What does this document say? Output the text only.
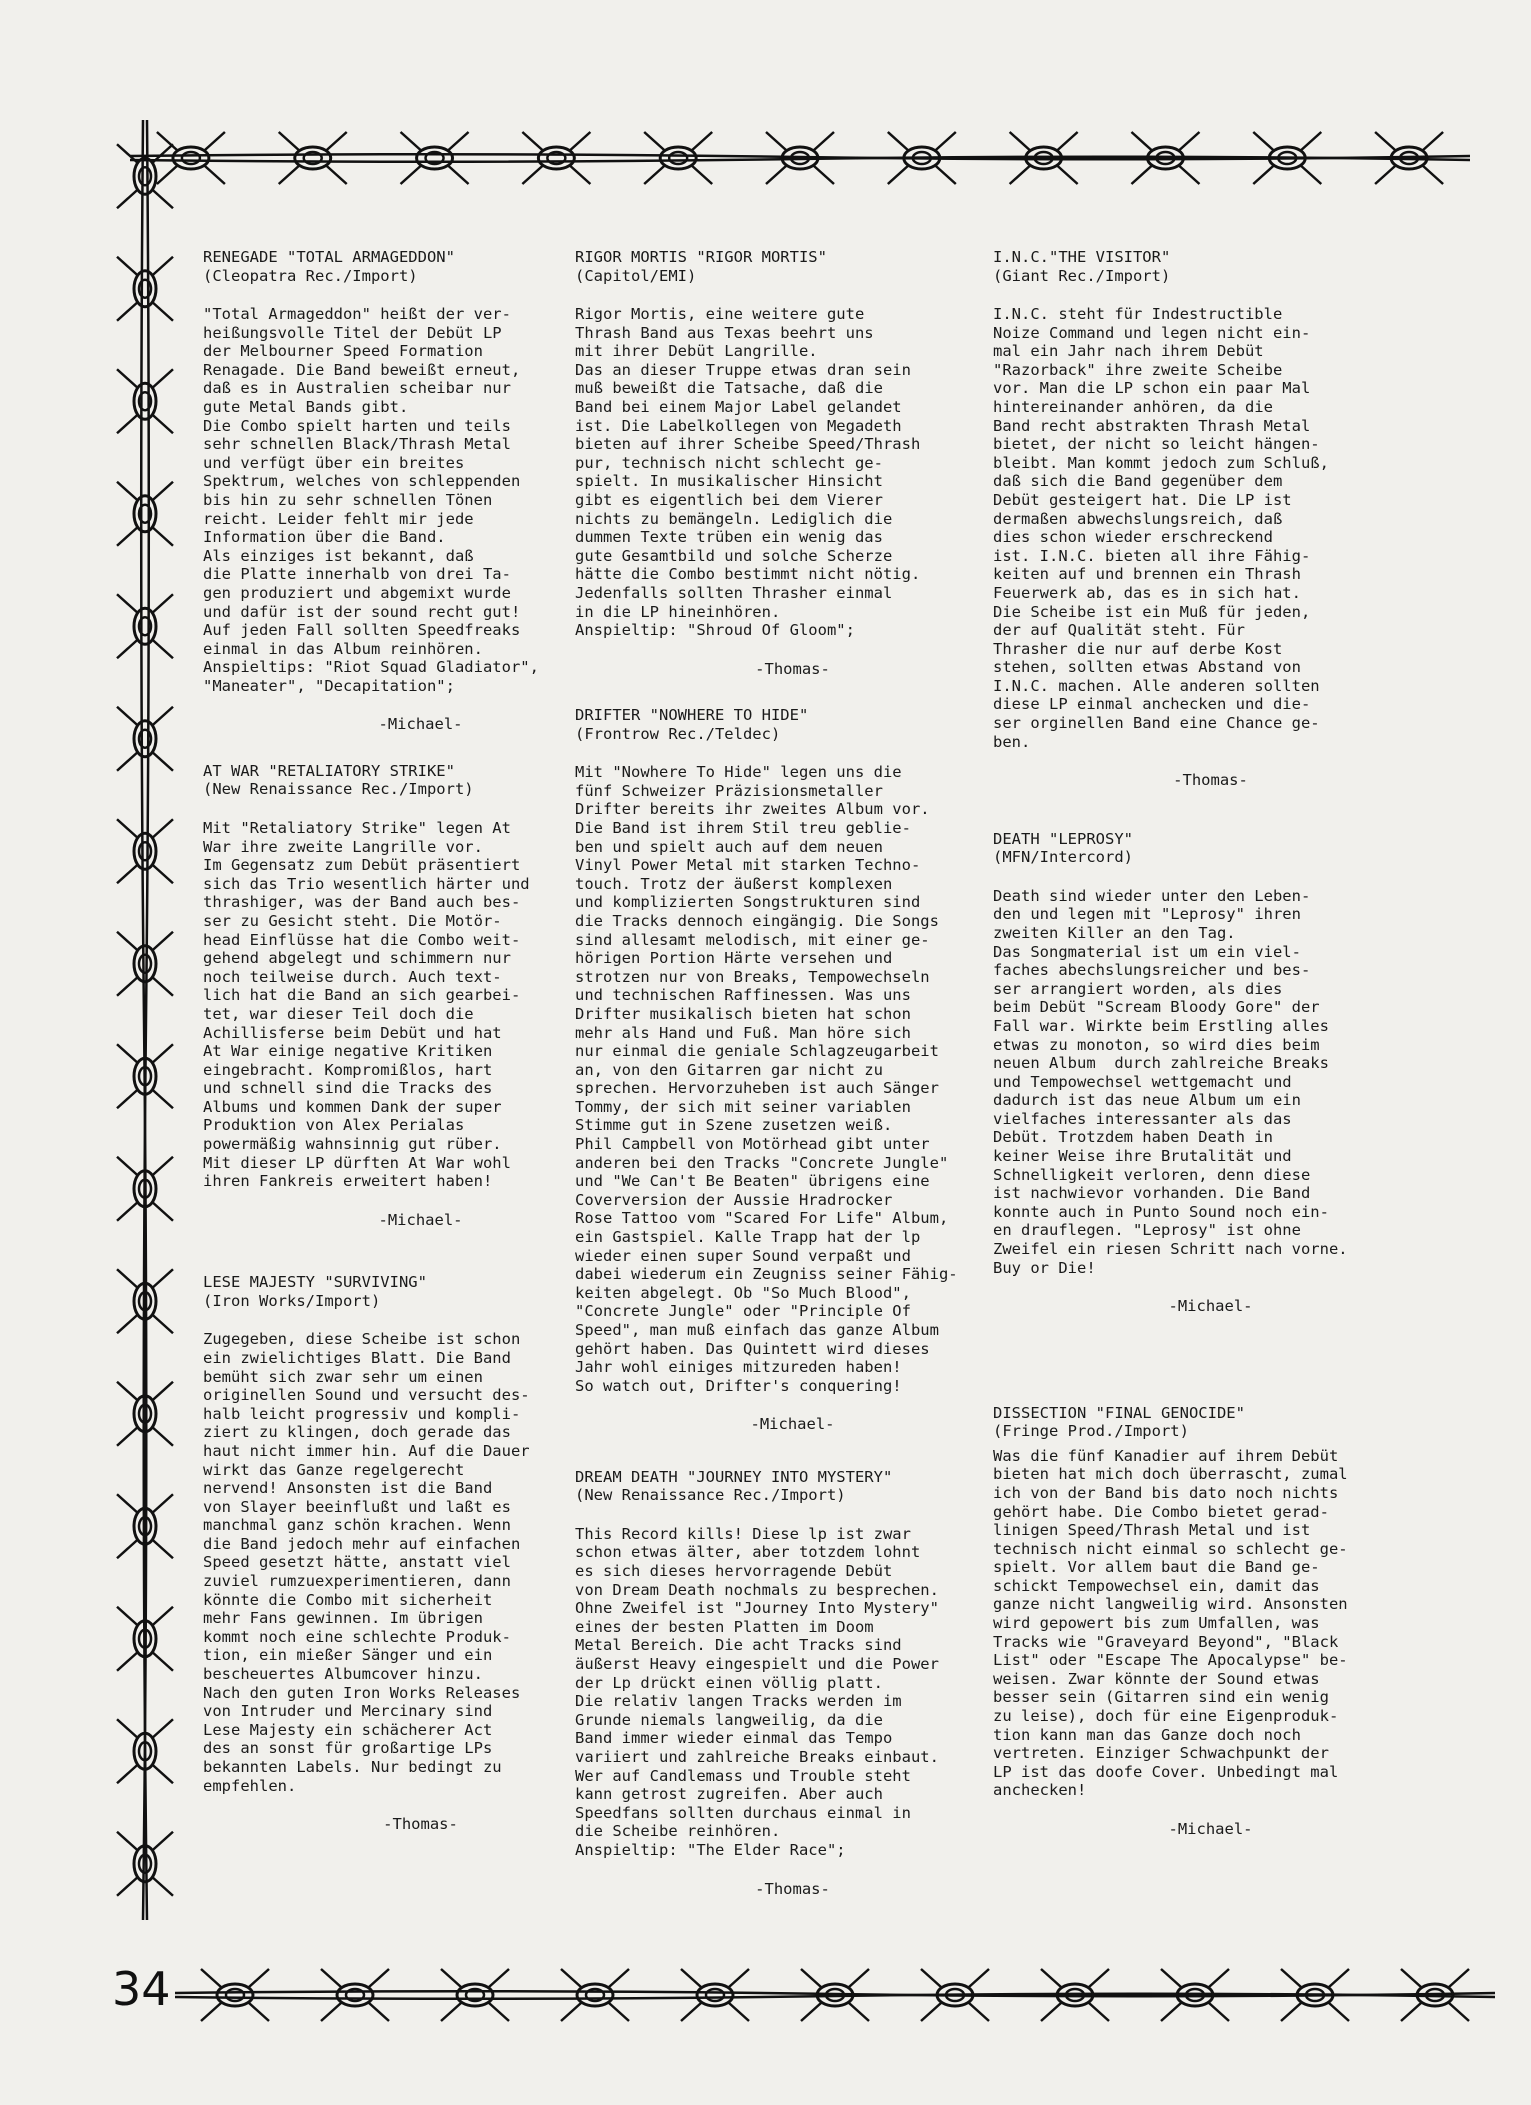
34

RENEGADE "TOTAL ARMAGEDDON"

(Cleopatra Rec./Import)

"Total Armageddon" heißt der ver-
heißungsvolle Titel der Debüt LP
der Melbourner Speed Formation
Renagade. Die Band beweißt erneut,
daß es in Australien scheibar nur
gute Metal Bands gibt.
Die Combo spielt harten und teils
sehr schnellen Black/Thrash Metal
und verfügt über ein breites
Spektrum, welches von schleppenden
bis hin zu sehr schnellen Tönen
reicht. Leider fehlt mir jede
Information über die Band.
Als einziges ist bekannt, daß
die Platte innerhalb von drei Ta-
gen produziert und abgemixt wurde
und dafür ist der sound recht gut!
Auf jeden Fall sollten Speedfreaks
einmal in das Album reinhören.
Anspieltips: "Riot Squad Gladiator",
"Maneater", "Decapitation";

-Michael-

AT WAR "RETALIATORY STRIKE"

(New Renaissance Rec./Import)

Mit "Retaliatory Strike" legen At
War ihre zweite Langrille vor.
Im Gegensatz zum Debüt präsentiert
sich das Trio wesentlich härter und
thrashiger, was der Band auch bes-
ser zu Gesicht steht. Die Motör-
head Einflüsse hat die Combo weit-
gehend abgelegt und schimmern nur
noch teilweise durch. Auch text-
lich hat die Band an sich gearbei-
tet, war dieser Teil doch die
Achillisferse beim Debüt und hat
At War einige negative Kritiken
eingebracht. Kompromißlos, hart
und schnell sind die Tracks des
Albums und kommen Dank der super
Produktion von Alex Perialas
powermäßig wahnsinnig gut rüber.
Mit dieser LP dürften At War wohl
ihren Fankreis erweitert haben!

-Michael-

LESE MAJESTY "SURVIVING"

(Iron Works/Import)

Zugegeben, diese Scheibe ist schon
ein zwielichtiges Blatt. Die Band
bemüht sich zwar sehr um einen
originellen Sound und versucht des-
halb leicht progressiv und kompli-
ziert zu klingen, doch gerade das
haut nicht immer hin. Auf die Dauer
wirkt das Ganze regelgerecht
nervend! Ansonsten ist die Band
von Slayer beeinflußt und laßt es
manchmal ganz schön krachen. Wenn
die Band jedoch mehr auf einfachen
Speed gesetzt hätte, anstatt viel
zuviel rumzuexperimentieren, dann
könnte die Combo mit sicherheit
mehr Fans gewinnen. Im übrigen
kommt noch eine schlechte Produk-
tion, ein mießer Sänger und ein
bescheuertes Albumcover hinzu.
Nach den guten Iron Works Releases
von Intruder und Mercinary sind
Lese Majesty ein schächerer Act
des an sonst für großartige LPs
bekannten Labels. Nur bedingt zu
empfehlen.

-Thomas-

RIGOR MORTIS "RIGOR MORTIS"

(Capitol/EMI)

Rigor Mortis, eine weitere gute
Thrash Band aus Texas beehrt uns
mit ihrer Debüt Langrille.
Das an dieser Truppe etwas dran sein
muß beweißt die Tatsache, daß die
Band bei einem Major Label gelandet
ist. Die Labelkollegen von Megadeth
bieten auf ihrer Scheibe Speed/Thrash
pur, technisch nicht schlecht ge-
spielt. In musikalischer Hinsicht
gibt es eigentlich bei dem Vierer
nichts zu bemängeln. Lediglich die
dummen Texte trüben ein wenig das
gute Gesamtbild und solche Scherze
hätte die Combo bestimmt nicht nötig.
Jedenfalls sollten Thrasher einmal
in die LP hineinhören.
Anspieltip: "Shroud Of Gloom";

-Thomas-

DRIFTER "NOWHERE TO HIDE"

(Frontrow Rec./Teldec)

Mit "Nowhere To Hide" legen uns die
fünf Schweizer Präzisionsmetaller
Drifter bereits ihr zweites Album vor.
Die Band ist ihrem Stil treu geblie-
ben und spielt auch auf dem neuen
Vinyl Power Metal mit starken Techno-
touch. Trotz der äußerst komplexen
und komplizierten Songstrukturen sind
die Tracks dennoch eingängig. Die Songs
sind allesamt melodisch, mit einer ge-
hörigen Portion Härte versehen und
strotzen nur von Breaks, Tempowechseln
und technischen Raffinessen. Was uns
Drifter musikalisch bieten hat schon
mehr als Hand und Fuß. Man höre sich
nur einmal die geniale Schlagzeugarbeit
an, von den Gitarren gar nicht zu
sprechen. Hervorzuheben ist auch Sänger
Tommy, der sich mit seiner variablen
Stimme gut in Szene zusetzen weiß.
Phil Campbell von Motörhead gibt unter
anderen bei den Tracks "Concrete Jungle"
und "We Can't Be Beaten" übrigens eine
Coverversion der Aussie Hradrocker
Rose Tattoo vom "Scared For Life" Album,
ein Gastspiel. Kalle Trapp hat der lp
wieder einen super Sound verpaßt und
dabei wiederum ein Zeugniss seiner Fähig-
keiten abgelegt. Ob "So Much Blood",
"Concrete Jungle" oder "Principle Of
Speed", man muß einfach das ganze Album
gehört haben. Das Quintett wird dieses
Jahr wohl einiges mitzureden haben!
So watch out, Drifter's conquering!

-Michael-

DREAM DEATH "JOURNEY INTO MYSTERY"

(New Renaissance Rec./Import)

This Record kills! Diese lp ist zwar
schon etwas älter, aber totzdem lohnt
es sich dieses hervorragende Debüt
von Dream Death nochmals zu besprechen.
Ohne Zweifel ist "Journey Into Mystery"
eines der besten Platten im Doom
Metal Bereich. Die acht Tracks sind
äußerst Heavy eingespielt und die Power
der Lp drückt einen völlig platt.
Die relativ langen Tracks werden im
Grunde niemals langweilig, da die
Band immer wieder einmal das Tempo
variiert und zahlreiche Breaks einbaut.
Wer auf Candlemass und Trouble steht
kann getrost zugreifen. Aber auch
Speedfans sollten durchaus einmal in
die Scheibe reinhören.
Anspieltip: "The Elder Race";

-Thomas-

I.N.C."THE VISITOR"

(Giant Rec./Import)

I.N.C. steht für Indestructible
Noize Command und legen nicht ein-
mal ein Jahr nach ihrem Debüt
"Razorback" ihre zweite Scheibe
vor. Man die LP schon ein paar Mal
hintereinander anhören, da die
Band recht abstrakten Thrash Metal
bietet, der nicht so leicht hängen-
bleibt. Man kommt jedoch zum Schluß,
daß sich die Band gegenüber dem
Debüt gesteigert hat. Die LP ist
dermaßen abwechslungsreich, daß
dies schon wieder erschreckend
ist. I.N.C. bieten all ihre Fähig-
keiten auf und brennen ein Thrash
Feuerwerk ab, das es in sich hat.
Die Scheibe ist ein Muß für jeden,
der auf Qualität steht. Für
Thrasher die nur auf derbe Kost
stehen, sollten etwas Abstand von
I.N.C. machen. Alle anderen sollten
diese LP einmal anchecken und die-
ser orginellen Band eine Chance ge-
ben.

-Thomas-

DEATH "LEPROSY"

(MFN/Intercord)

Death sind wieder unter den Leben-
den und legen mit "Leprosy" ihren
zweiten Killer an den Tag.
Das Songmaterial ist um ein viel-
faches abechslungsreicher und bes-
ser arrangiert worden, als dies
beim Debüt "Scream Bloody Gore" der
Fall war. Wirkte beim Erstling alles
etwas zu monoton, so wird dies beim
neuen Album  durch zahlreiche Breaks
und Tempowechsel wettgemacht und
dadurch ist das neue Album um ein
vielfaches interessanter als das
Debüt. Trotzdem haben Death in
keiner Weise ihre Brutalität und
Schnelligkeit verloren, denn diese
ist nachwievor vorhanden. Die Band
konnte auch in Punto Sound noch ein-
en drauflegen. "Leprosy" ist ohne
Zweifel ein riesen Schritt nach vorne.
Buy or Die!

-Michael-

DISSECTION "FINAL GENOCIDE"

(Fringe Prod./Import)

Was die fünf Kanadier auf ihrem Debüt
bieten hat mich doch überrascht, zumal
ich von der Band bis dato noch nichts
gehört habe. Die Combo bietet gerad-
linigen Speed/Thrash Metal und ist
technisch nicht einmal so schlecht ge-
spielt. Vor allem baut die Band ge-
schickt Tempowechsel ein, damit das
ganze nicht langweilig wird. Ansonsten
wird gepowert bis zum Umfallen, was
Tracks wie "Graveyard Beyond", "Black
List" oder "Escape The Apocalypse" be-
weisen. Zwar könnte der Sound etwas
besser sein (Gitarren sind ein wenig
zu leise), doch für eine Eigenproduk-
tion kann man das Ganze doch noch
vertreten. Einziger Schwachpunkt der
LP ist das doofe Cover. Unbedingt mal
anchecken!

-Michael-
